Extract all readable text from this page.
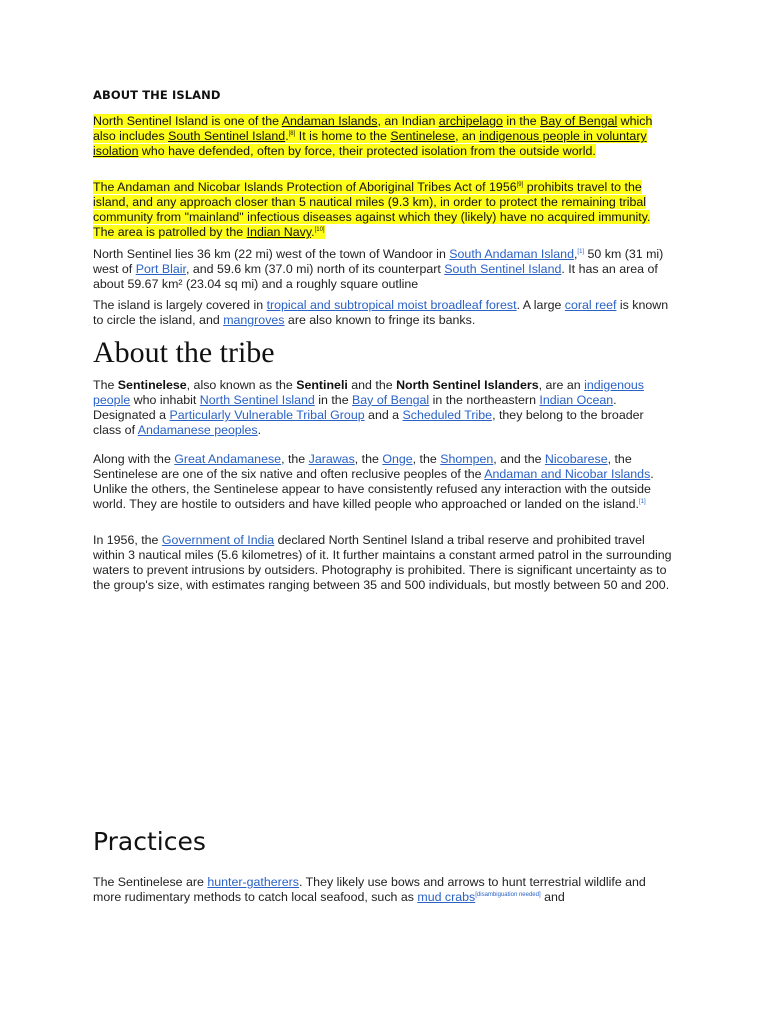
ABOUT THE ISLAND

North Sentinel Island is one of the Andaman Islands, an Indian archipelago in the Bay of Bengal which also includes South Sentinel Island.[8] It is home to the Sentinelese, an indigenous people in voluntary isolation who have defended, often by force, their protected isolation from the outside world.

The Andaman and Nicobar Islands Protection of Aboriginal Tribes Act of 1956[9] prohibits travel to the island, and any approach closer than 5 nautical miles (9.3 km), in order to protect the remaining tribal community from "mainland" infectious diseases against which they (likely) have no acquired immunity. The area is patrolled by the Indian Navy.[10]

North Sentinel lies 36 km (22 mi) west of the town of Wandoor in South Andaman Island,[1] 50 km (31 mi) west of Port Blair, and 59.6 km (37.0 mi) north of its counterpart South Sentinel Island. It has an area of about 59.67 km² (23.04 sq mi) and a roughly square outline

The island is largely covered in tropical and subtropical moist broadleaf forest. A large coral reef is known to circle the island, and mangroves are also known to fringe its banks.

About the tribe

The Sentinelese, also known as the Sentineli and the North Sentinel Islanders, are an indigenous people who inhabit North Sentinel Island in the Bay of Bengal in the northeastern Indian Ocean. Designated a Particularly Vulnerable Tribal Group and a Scheduled Tribe, they belong to the broader class of Andamanese peoples.

Along with the Great Andamanese, the Jarawas, the Onge, the Shompen, and the Nicobarese, the Sentinelese are one of the six native and often reclusive peoples of the Andaman and Nicobar Islands. Unlike the others, the Sentinelese appear to have consistently refused any interaction with the outside world. They are hostile to outsiders and have killed people who approached or landed on the island.[1]

In 1956, the Government of India declared North Sentinel Island a tribal reserve and prohibited travel within 3 nautical miles (5.6 kilometres) of it. It further maintains a constant armed patrol in the surrounding waters to prevent intrusions by outsiders. Photography is prohibited. There is significant uncertainty as to the group's size, with estimates ranging between 35 and 500 individuals, but mostly between 50 and 200.

Practices

The Sentinelese are hunter-gatherers. They likely use bows and arrows to hunt terrestrial wildlife and more rudimentary methods to catch local seafood, such as mud crabs[disambiguation needed] and
